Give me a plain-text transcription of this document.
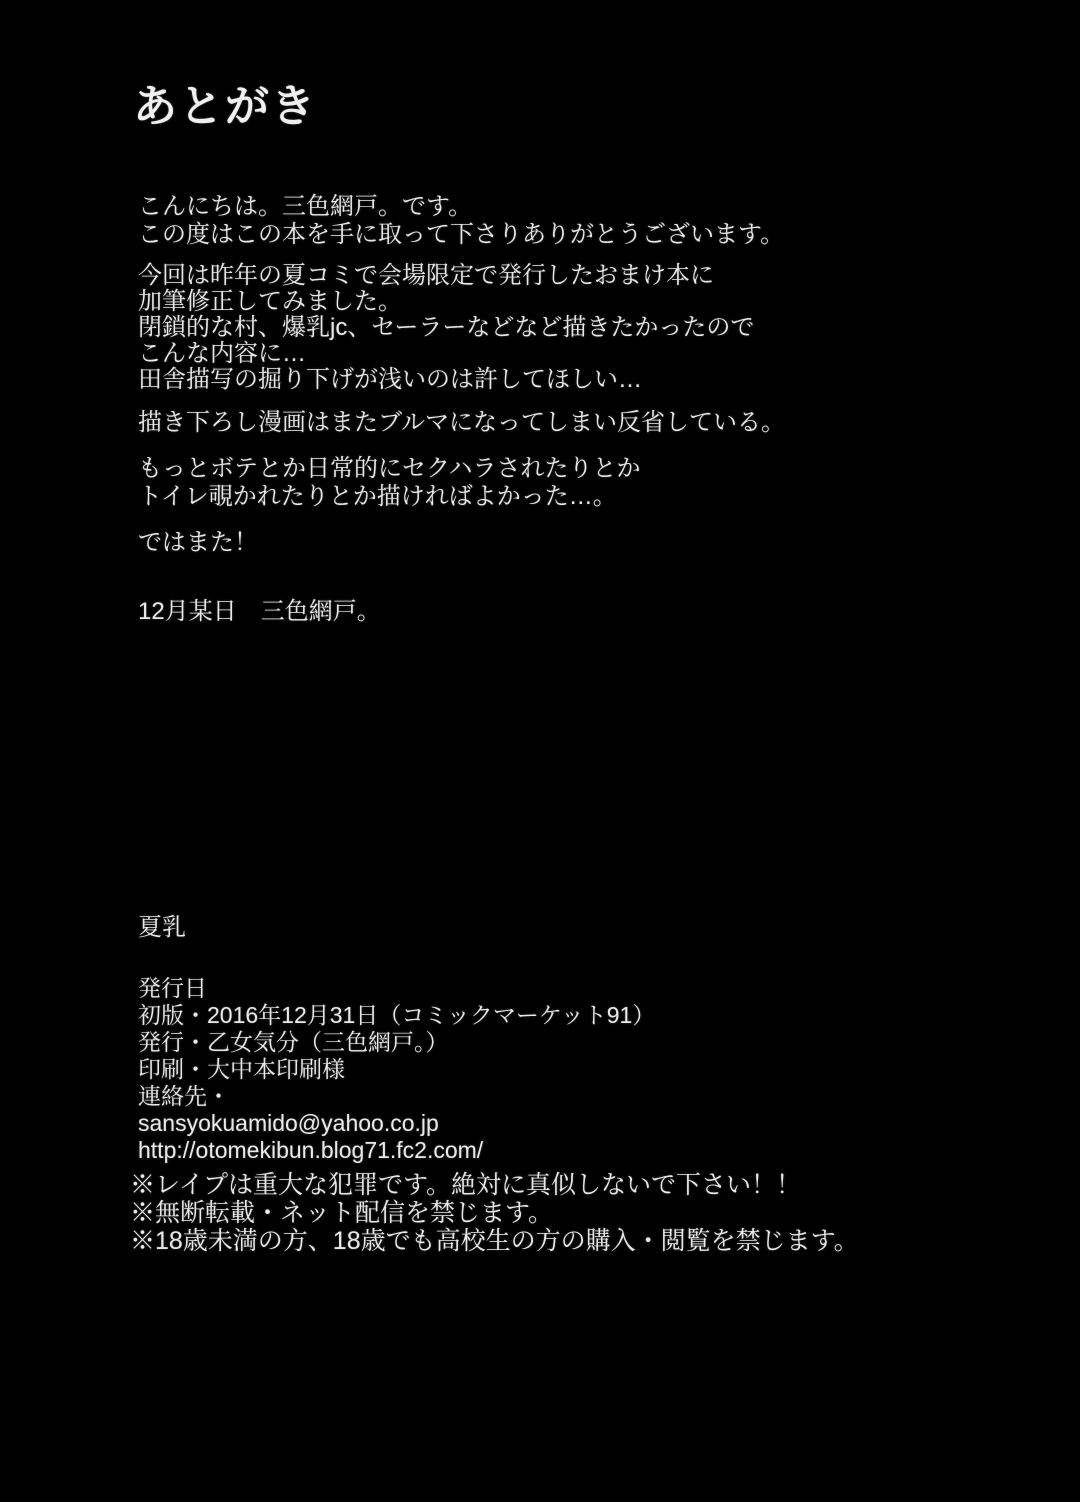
あとがき

こんにちは。三色網戸。です。

この度はこの本を手に取って下さりありがとうございます。

今回は昨年の夏コミで会場限定で発行したおまけ本に

加筆修正してみました。

閉鎖的な村、爆乳jc、セーラーなどなど描きたかったので

こんな内容に…

田舎描写の掘り下げが浅いのは許してほしい…

描き下ろし漫画はまたブルマになってしまい反省している。

もっとボテとか日常的にセクハラされたりとか

トイレ覗かれたりとか描ければよかった…。

ではまた！

12月某日　三色網戸。

夏乳

発行日

初版・2016年12月31日（コミックマーケット91）

発行・乙女気分（三色網戸。）

印刷・大中本印刷様

連絡先・

sansyokuamido@yahoo.co.jp

http://otomekibun.blog71.fc2.com/

※レイプは重大な犯罪です。絶対に真似しないで下さい！！

※無断転載・ネット配信を禁じます。

※18歳未満の方、18歳でも高校生の方の購入・閲覧を禁じます。
